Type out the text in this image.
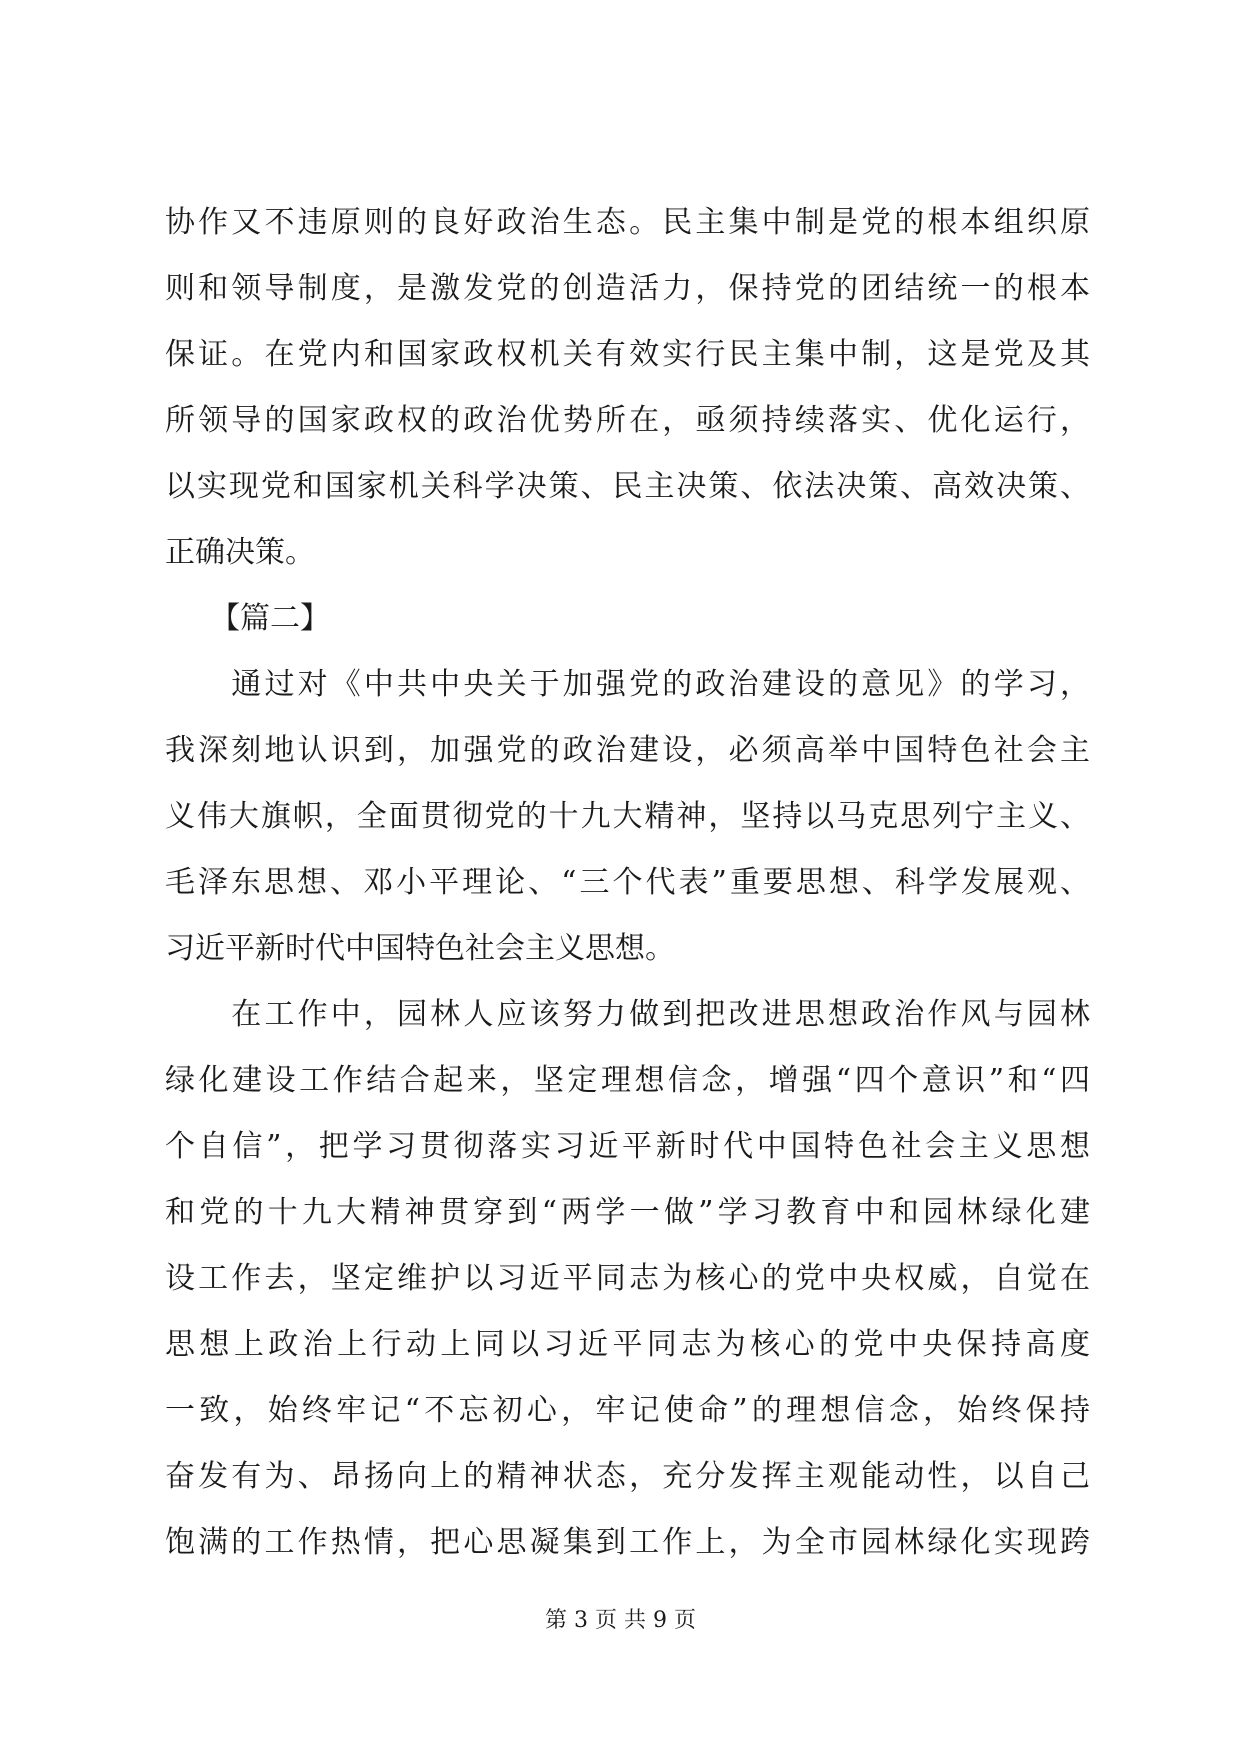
协作又不违原则的良好政治生态。民主集中制是党的根本组织原
则和领导制度，是激发党的创造活力，保持党的团结统一的根本
保证。在党内和国家政权机关有效实行民主集中制，这是党及其
所领导的国家政权的政治优势所在，亟须持续落实、优化运行，
以实现党和国家机关科学决策、民主决策、依法决策、高效决策、
正确决策。
　　【篇二】
　　通过对《中共中央关于加强党的政治建设的意见》的学习，
我深刻地认识到，加强党的政治建设，必须高举中国特色社会主
义伟大旗帜，全面贯彻党的十九大精神，坚持以马克思列宁主义、
毛泽东思想、邓小平理论、“三个代表”重要思想、科学发展观、
习近平新时代中国特色社会主义思想。
　　在工作中，园林人应该努力做到把改进思想政治作风与园林
绿化建设工作结合起来，坚定理想信念，增强“四个意识”和“四
个自信”，把学习贯彻落实习近平新时代中国特色社会主义思想
和党的十九大精神贯穿到“两学一做”学习教育中和园林绿化建
设工作去，坚定维护以习近平同志为核心的党中央权威，自觉在
思想上政治上行动上同以习近平同志为核心的党中央保持高度
一致，始终牢记“不忘初心，牢记使命”的理想信念，始终保持
奋发有为、昂扬向上的精神状态，充分发挥主观能动性，以自己
饱满的工作热情，把心思凝集到工作上，为全市园林绿化实现跨
第 3 页 共 9 页
